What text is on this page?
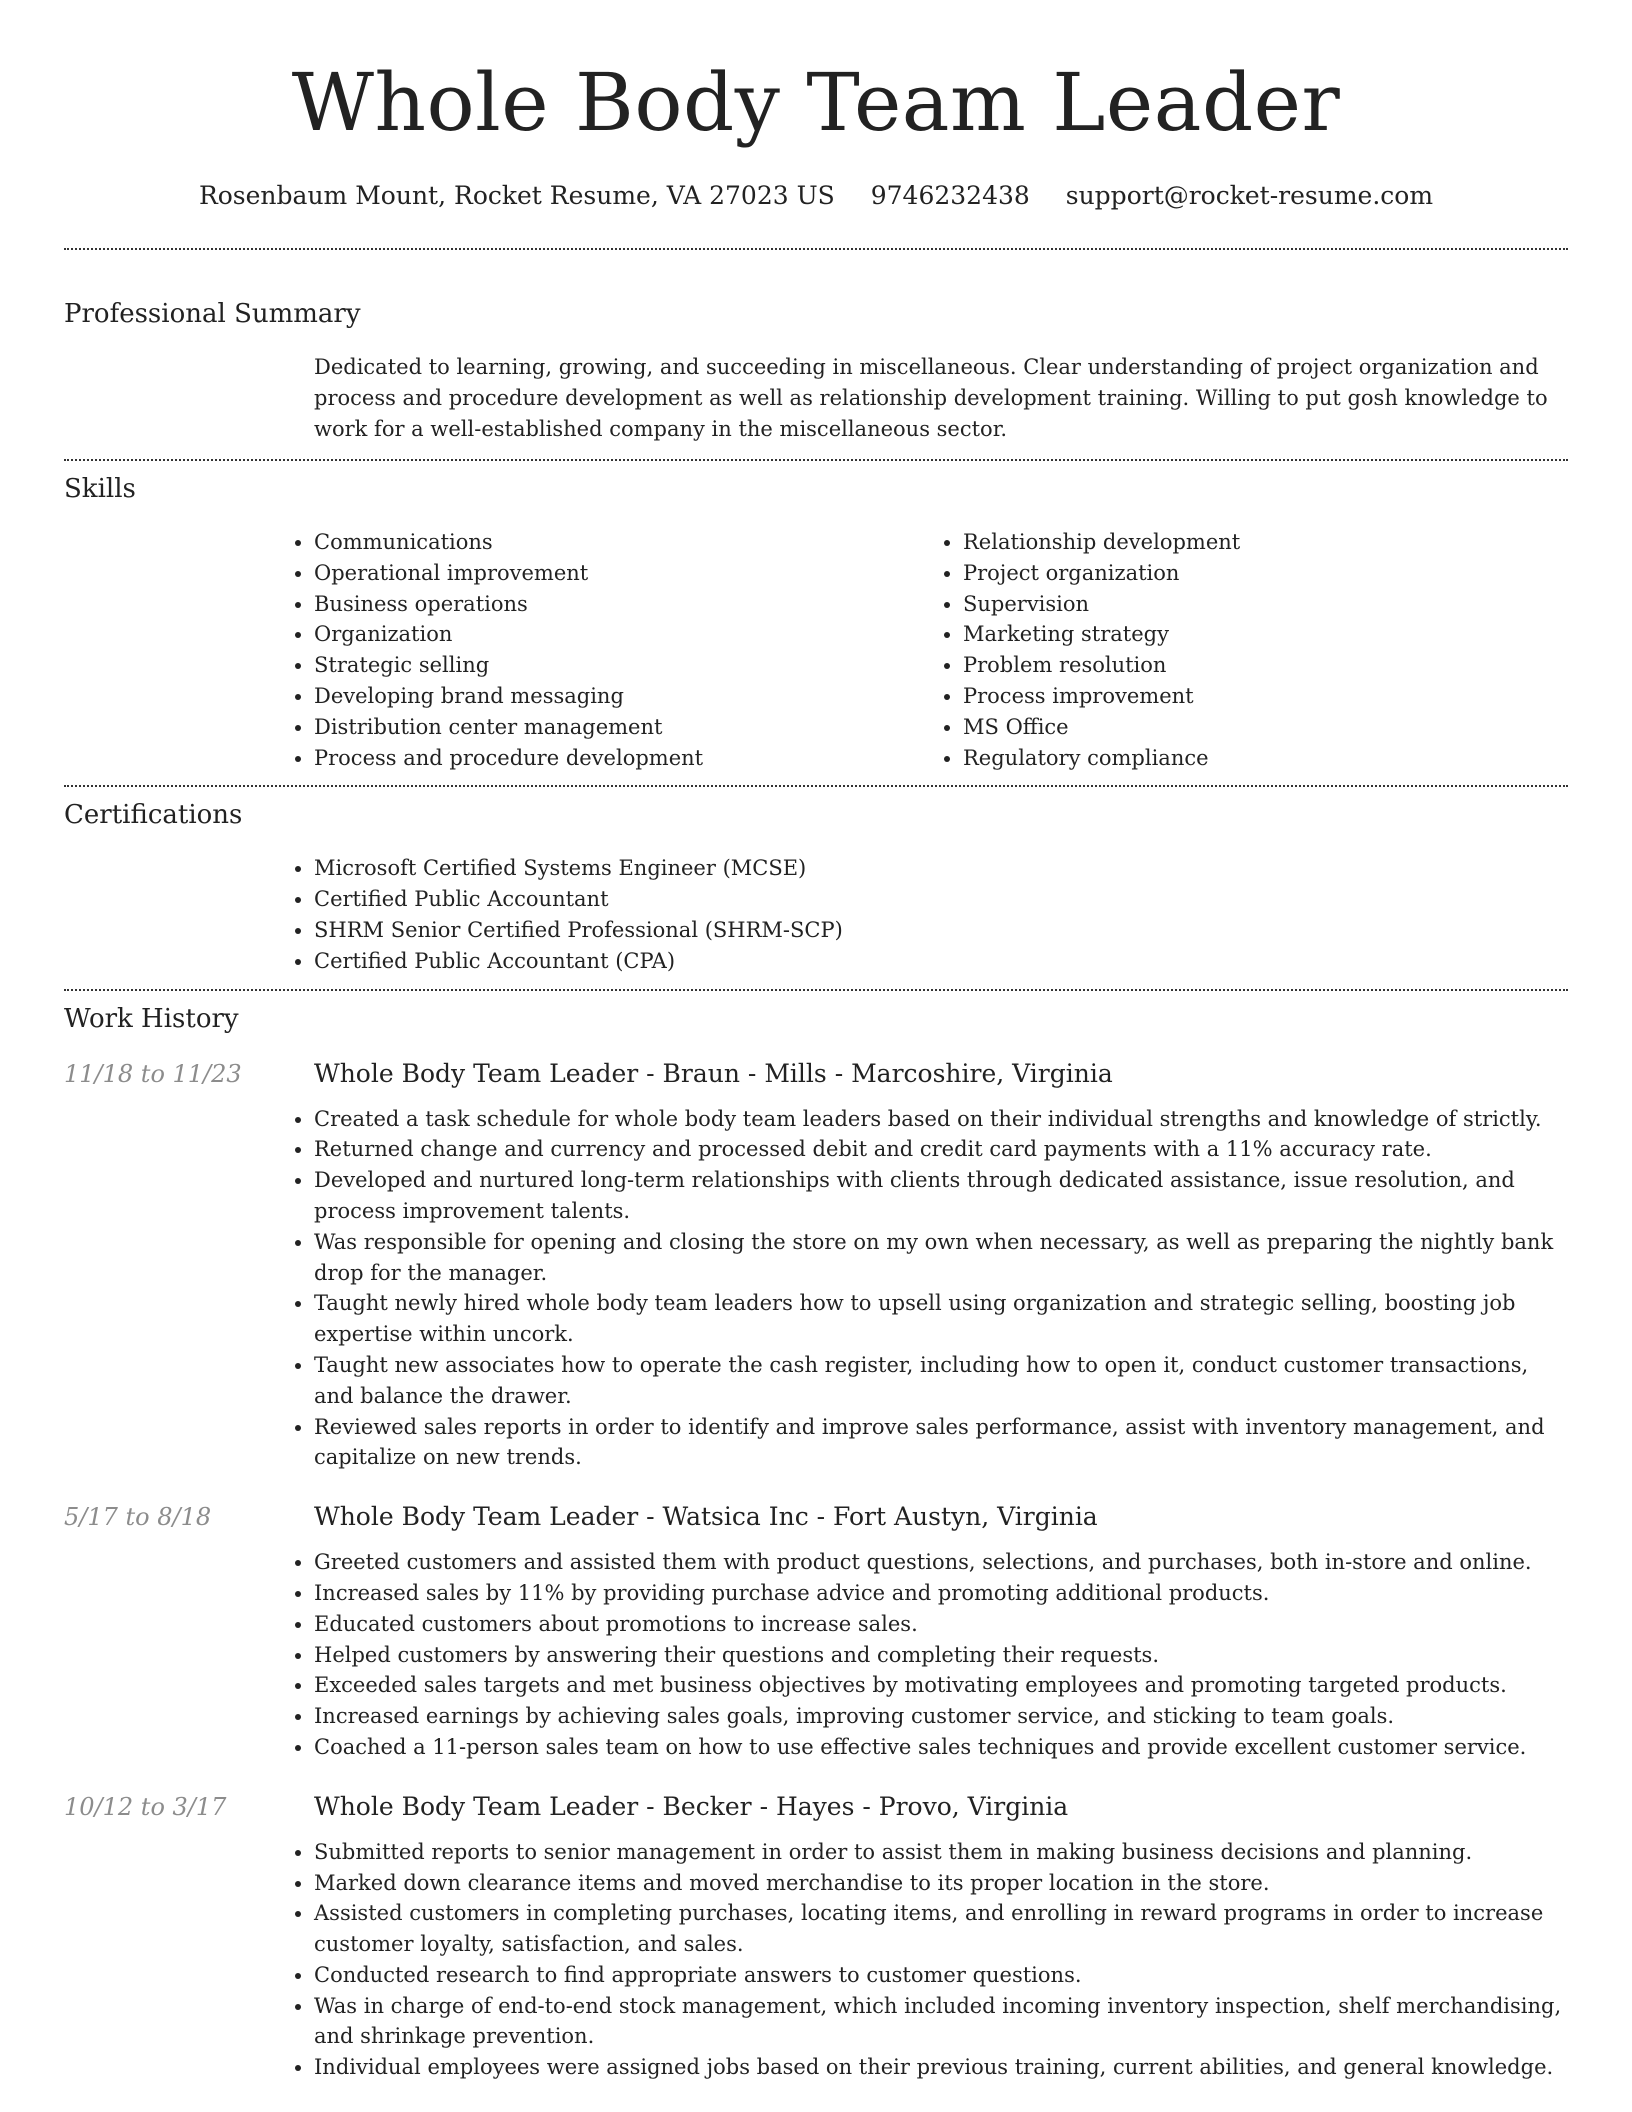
Whole Body Team Leader
Rosenbaum Mount, Rocket Resume, VA 27023 US 9746232438 support@rocket-resume.com
Professional Summary

Dedicated to learning, growing, and succeeding in miscellaneous. Clear understanding of project organization and process and procedure development as well as relationship development training. Willing to put gosh knowledge to work for a well-established company in the miscellaneous sector.

Skills
• Communications
• Operational improvement
• Business operations
• Organization
• Strategic selling
• Developing brand messaging
• Distribution center management
• Process and procedure development
• Relationship development
• Project organization
• Supervision
• Marketing strategy
• Problem resolution
• Process improvement
• MS Office
• Regulatory compliance
Certifications
• Microsoft Certified Systems Engineer (MCSE)
• Certified Public Accountant
• SHRM Senior Certified Professional (SHRM-SCP)
• Certified Public Accountant (CPA)
Work History
11/18 to 11/23	Whole Body Team Leader - Braun - Mills - Marcoshire, Virginia
• Created a task schedule for whole body team leaders based on their individual strengths and knowledge of strictly.
• Returned change and currency and processed debit and credit card payments with a 11% accuracy rate.
• Developed and nurtured long-term relationships with clients through dedicated assistance, issue resolution, and process improvement talents.
• Was responsible for opening and closing the store on my own when necessary, as well as preparing the nightly bank drop for the manager.
• Taught newly hired whole body team leaders how to upsell using organization and strategic selling, boosting job expertise within uncork.
• Taught new associates how to operate the cash register, including how to open it, conduct customer transactions, and balance the drawer.
• Reviewed sales reports in order to identify and improve sales performance, assist with inventory management, and capitalize on new trends.
5/17 to 8/18	Whole Body Team Leader - Watsica Inc - Fort Austyn, Virginia
• Greeted customers and assisted them with product questions, selections, and purchases, both in-store and online.
• Increased sales by 11% by providing purchase advice and promoting additional products.
• Educated customers about promotions to increase sales.
• Helped customers by answering their questions and completing their requests.
• Exceeded sales targets and met business objectives by motivating employees and promoting targeted products.
• Increased earnings by achieving sales goals, improving customer service, and sticking to team goals.
• Coached a 11-person sales team on how to use effective sales techniques and provide excellent customer service.
10/12 to 3/17	Whole Body Team Leader - Becker - Hayes - Provo, Virginia
• Submitted reports to senior management in order to assist them in making business decisions and planning.
• Marked down clearance items and moved merchandise to its proper location in the store.
• Assisted customers in completing purchases, locating items, and enrolling in reward programs in order to increase customer loyalty, satisfaction, and sales.
• Conducted research to find appropriate answers to customer questions.
• Was in charge of end-to-end stock management, which included incoming inventory inspection, shelf merchandising, and shrinkage prevention.
• Individual employees were assigned jobs based on their previous training, current abilities, and general knowledge.
